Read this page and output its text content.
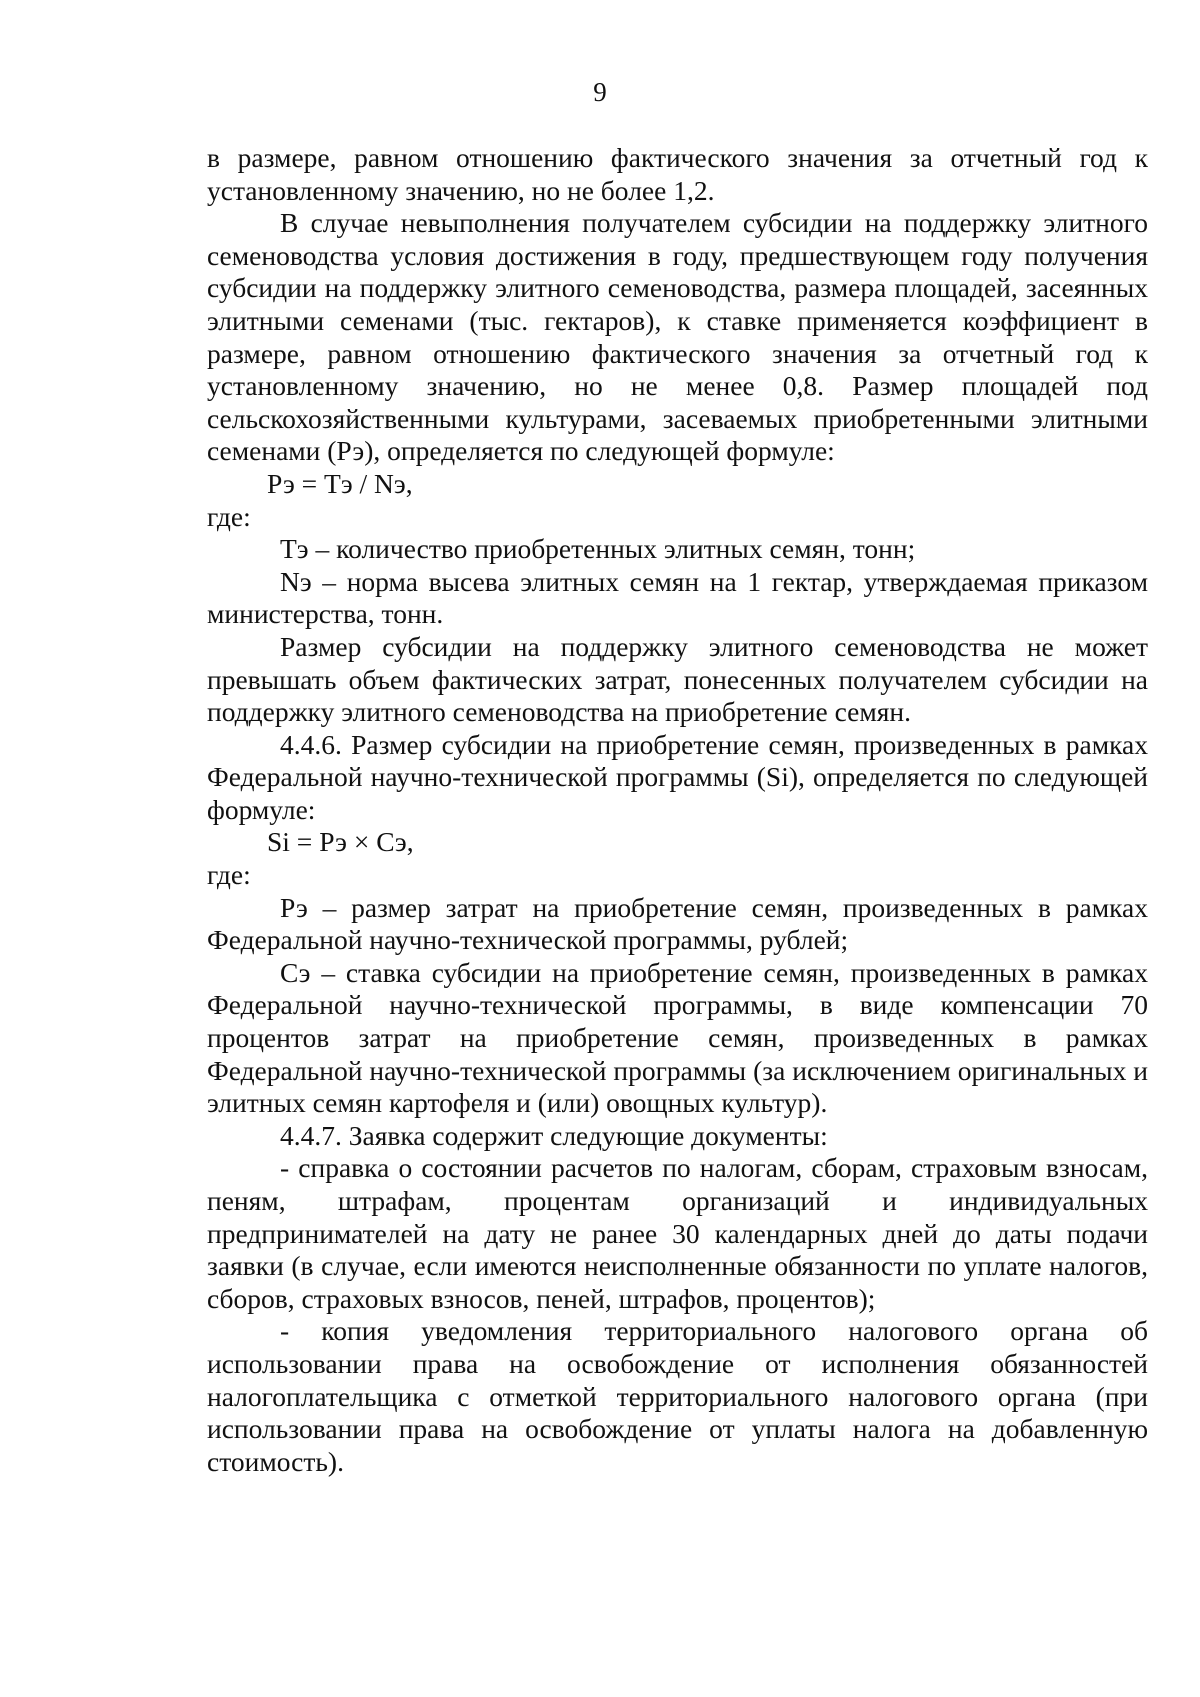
9

в размере, равном отношению фактического значения за отчетный год к установленному значению, но не более 1,2.

В случае невыполнения получателем субсидии на поддержку элитного семеноводства условия достижения в году, предшествующем году получения субсидии на поддержку элитного семеноводства, размера площадей, засеянных элитными семенами (тыс. гектаров), к ставке применяется коэффициент в размере, равном отношению фактического значения за отчетный год к установленному значению, но не менее 0,8. Размер площадей под сельскохозяйственными культурами, засеваемых приобретенными элитными семенами (Рэ), определяется по следующей формуле:

Рэ = Тэ / Nэ,

где:

Тэ – количество приобретенных элитных семян, тонн;

Nэ – норма высева элитных семян на 1 гектар, утверждаемая приказом министерства, тонн.

Размер субсидии на поддержку элитного семеноводства не может превышать объем фактических затрат, понесенных получателем субсидии на поддержку элитного семеноводства на приобретение семян.

4.4.6. Размер субсидии на приобретение семян, произведенных в рамках Федеральной научно-технической программы (Si), определяется по следующей формуле:

Si = Рэ × Сэ,

где:

Рэ – размер затрат на приобретение семян, произведенных в рамках Федеральной научно-технической программы, рублей;

Сэ – ставка субсидии на приобретение семян, произведенных в рамках Федеральной научно-технической программы, в виде компенсации 70 процентов затрат на приобретение семян, произведенных в рамках Федеральной научно-технической программы (за исключением оригинальных и элитных семян картофеля и (или) овощных культур).

4.4.7. Заявка содержит следующие документы:

- справка о состоянии расчетов по налогам, сборам, страховым взносам, пеням, штрафам, процентам организаций и индивидуальных предпринимателей на дату не ранее 30 календарных дней до даты подачи заявки (в случае, если имеются неисполненные обязанности по уплате налогов, сборов, страховых взносов, пеней, штрафов, процентов);

- копия уведомления территориального налогового органа об использовании права на освобождение от исполнения обязанностей налогоплательщика с отметкой территориального налогового органа (при использовании права на освобождение от уплаты налога на добавленную стоимость).
